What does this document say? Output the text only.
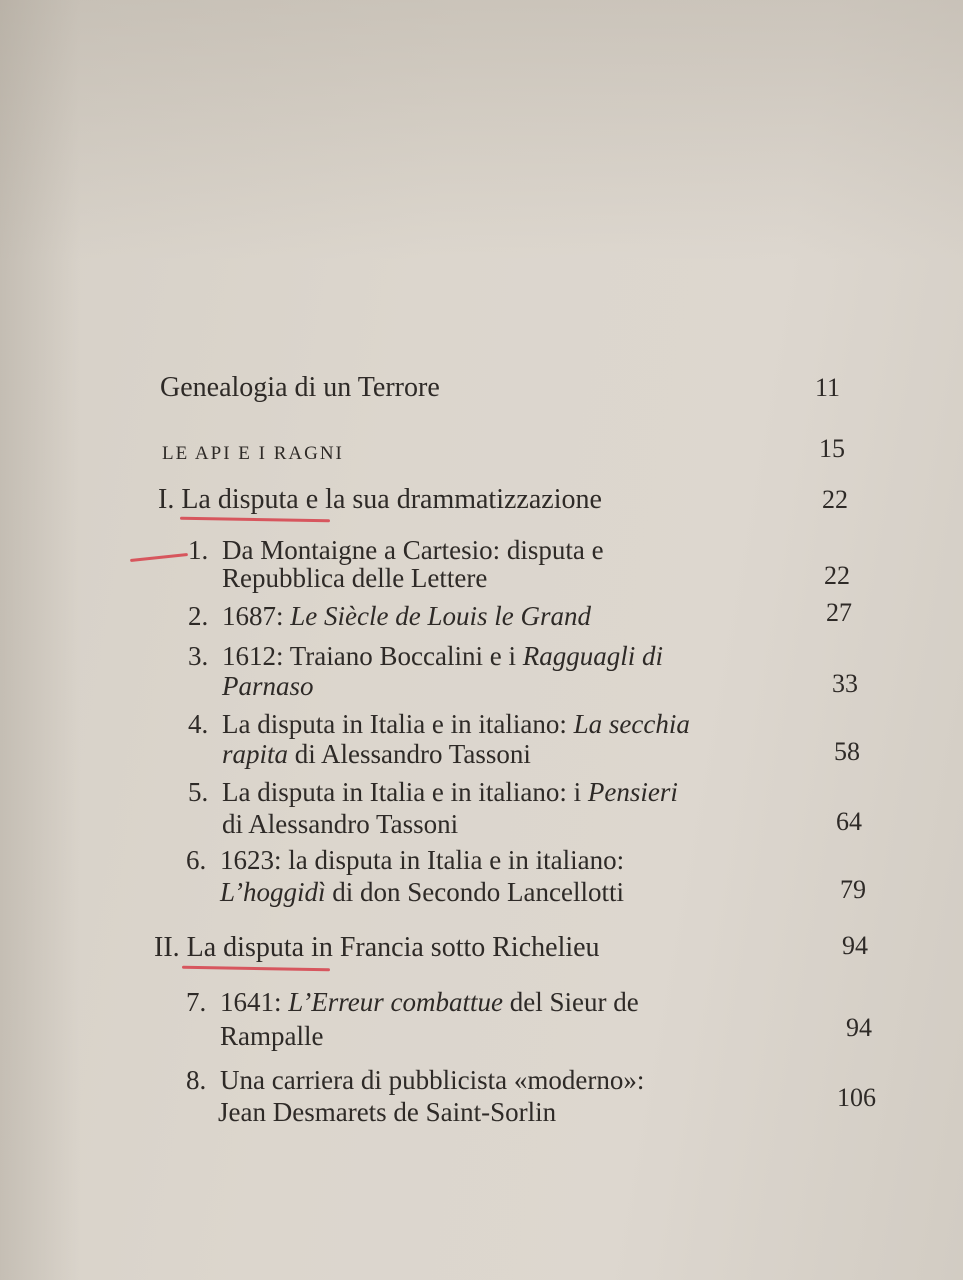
Genealogia di un Terrore	11
LE API E I RAGNI	15
I. La disputa e la sua drammatizzazione	22
1. Da Montaigne a Cartesio: disputa e
Repubblica delle Lettere	22
2. 1687: Le Siècle de Louis le Grand	27
3. 1612: Traiano Boccalini e i Ragguagli di
Parnaso	33
4. La disputa in Italia e in italiano: La secchia
rapita di Alessandro Tassoni	58
5. La disputa in Italia e in italiano: i Pensieri
di Alessandro Tassoni	64
6. 1623: la disputa in Italia e in italiano:
L’hoggidì di don Secondo Lancellotti	79
II. La disputa in Francia sotto Richelieu	94
7. 1641: L’Erreur combattue del Sieur de
Rampalle	94
8. Una carriera di pubblicista «moderno»:
Jean Desmarets de Saint-Sorlin	106
